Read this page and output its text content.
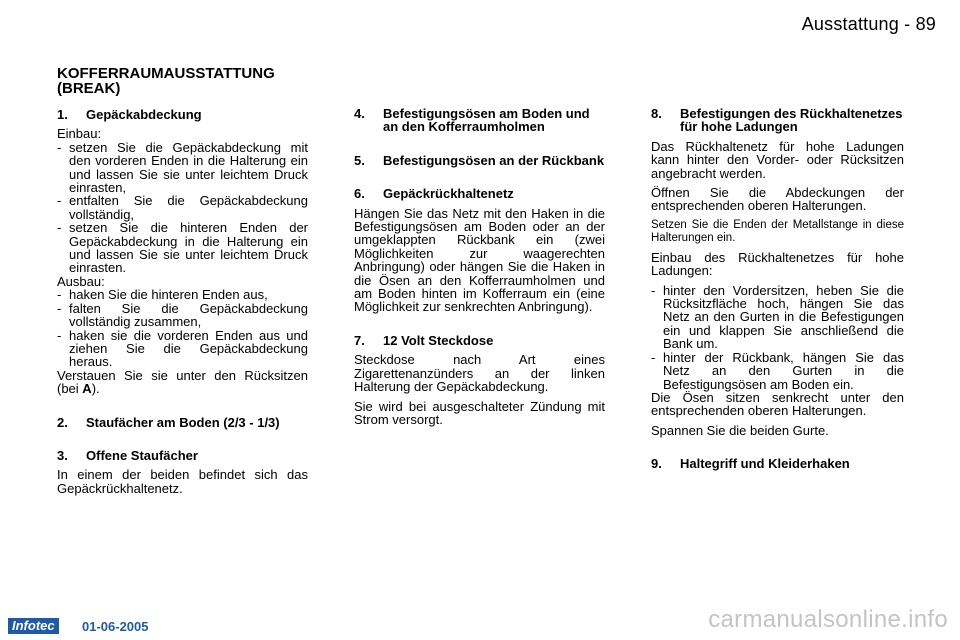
Ausstattung - 89
KOFFERRAUMAUSSTATTUNG
(BREAK)
1.	Gepäckabdeckung

Einbau:

- setzen Sie die Gepäckabdeckung mit den vorderen Enden in die Halterung ein und lassen Sie sie unter leichtem Druck einrasten,
- entfalten Sie die Gepäckabdeckung vollständig,
- setzen Sie die hinteren Enden der Gepäckabdeckung in die Halterung ein und lassen Sie sie unter leichtem Druck einrasten.

Ausbau:

- haken Sie die hinteren Enden aus,
- falten Sie die Gepäckabdeckung vollständig zusammen,
- haken sie die vorderen Enden aus und ziehen Sie die Gepäckabdeckung heraus.

Verstauen Sie sie unter den Rücksitzen (bei A).

2.	Staufächer am Boden (2/3 - 1/3)
3.	Offene Staufächer

In einem der beiden befindet sich das Gepäckrückhaltenetz.

4.	Befestigungsösen am Boden und an den Kofferraumholmen
5.	Befestigungsösen an der Rückbank
6.	Gepäckrückhaltenetz

Hängen Sie das Netz mit den Haken in die Befestigungsösen am Boden oder an der umgeklappten Rückbank ein (zwei Möglichkeiten zur waagerechten Anbringung) oder hängen Sie die Haken in die Ösen an den Kofferraumholmen und am Boden hinten im Kofferraum ein (eine Möglichkeit zur senkrechten Anbringung).

7.	12 Volt Steckdose

Steckdose nach Art eines Zigarettenanzünders an der linken Halterung der Gepäckabdeckung.

Sie wird bei ausgeschalteter Zündung mit Strom versorgt.

8.	Befestigungen des Rückhaltenetzes für hohe Ladungen

Das Rückhaltenetz für hohe Ladungen kann hinter den Vorder- oder Rücksitzen angebracht werden.

Öffnen Sie die Abdeckungen der entsprechenden oberen Halterungen.

Setzen Sie die Enden der Metallstange in diese Halterungen ein.

Einbau des Rückhaltenetzes für hohe Ladungen:

- hinter den Vordersitzen, heben Sie die Rücksitzfläche hoch, hängen Sie das Netz an den Gurten in die Befestigungen ein und klappen Sie anschließend die Bank um.
- hinter der Rückbank, hängen Sie das Netz an den Gurten in die Befestigungsösen am Boden ein.

Die Ösen sitzen senkrecht unter den entsprechenden oberen Halterungen.

Spannen Sie die beiden Gurte.

9.	Haltegriff und Kleiderhaken
Infotec	01-06-2005	carmanualsonline.info
